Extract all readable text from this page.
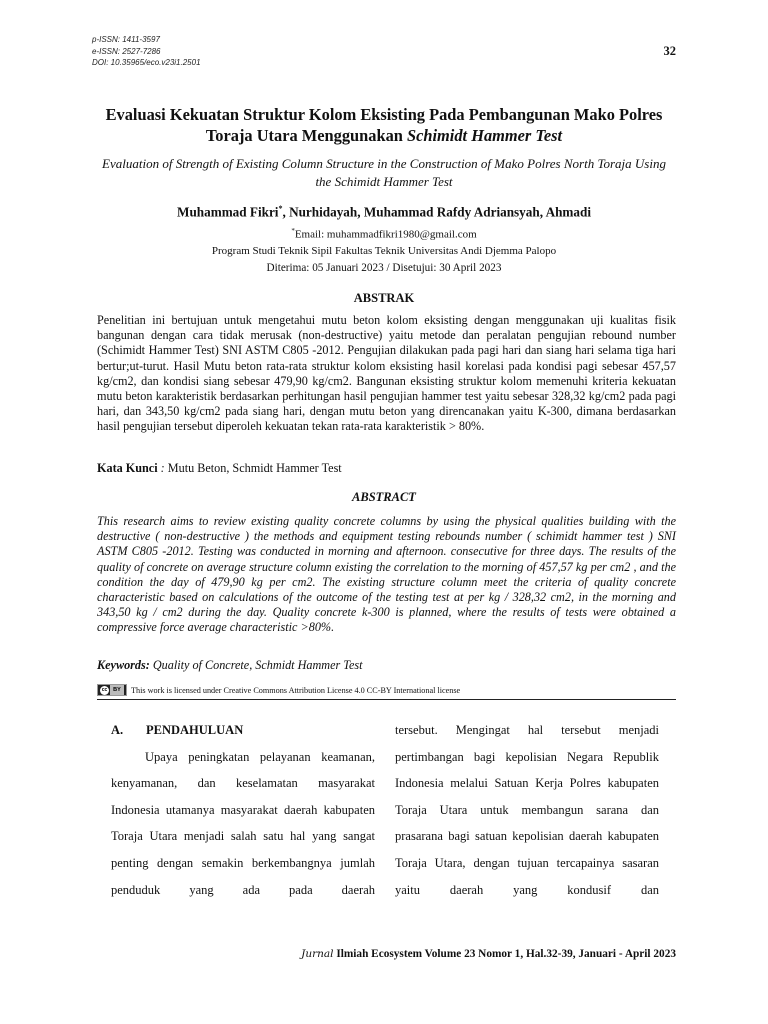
p-ISSN: 1411-3597
e-ISSN: 2527-7286
DOI: 10.35965/eco.v23i1.2501
32
Evaluasi Kekuatan Struktur Kolom Eksisting Pada Pembangunan Mako Polres Toraja Utara Menggunakan Schimidt Hammer Test
Evaluation of Strength of Existing Column Structure in the Construction of Mako Polres North Toraja Using the Schimidt Hammer Test
Muhammad Fikri*, Nurhidayah, Muhammad Rafdy Adriansyah, Ahmadi
*Email: muhammadfikri1980@gmail.com
Program Studi Teknik Sipil Fakultas Teknik Universitas Andi Djemma Palopo
Diterima: 05 Januari 2023 / Disetujui: 30 April 2023
ABSTRAK
Penelitian ini bertujuan untuk mengetahui mutu beton kolom eksisting dengan menggunakan uji kualitas fisik bangunan dengan cara tidak merusak (non-destructive) yaitu metode dan peralatan pengujian rebound number (Schimidt Hammer Test) SNI ASTM C805 -2012. Pengujian dilakukan pada pagi hari dan siang hari selama tiga hari bertur;ut-turut. Hasil Mutu beton rata-rata struktur kolom eksisting hasil korelasi pada kondisi pagi sebesar 457,57 kg/cm2, dan kondisi siang sebesar 479,90 kg/cm2. Bangunan eksisting struktur kolom memenuhi kriteria kekuatan mutu beton karakteristik berdasarkan perhitungan hasil pengujian hammer test yaitu sebesar 328,32 kg/cm2 pada pagi hari, dan 343,50 kg/cm2 pada siang hari, dengan mutu beton yang direncanakan yaitu K-300, dimana berdasarkan hasil pengujian tersebut diperoleh kekuatan tekan rata-rata karakteristik > 80%.
Kata Kunci : Mutu Beton, Schmidt Hammer Test
ABSTRACT
This research aims to review existing quality concrete columns by using the physical qualities building with the destructive ( non-destructive ) the methods and equipment testing rebounds number ( schimidt hammer test ) SNI ASTM C805 -2012. Testing was conducted in morning and afternoon. consecutive for three days. The results of the quality of concrete on average structure column existing the correlation to the morning of 457,57 kg per cm2 , and the condition the day of 479,90 kg per cm2. The existing structure column meet the criteria of quality concrete characteristic based on calculations of the outcome of the testing test at per kg / 328,32 cm2, in the morning and 343,50 kg / cm2 during the day. Quality concrete k-300 is planned, where the results of tests were obtained a compressive force average characteristic >80%.
Keywords: Quality of Concrete, Schmidt Hammer Test
cc	BY	This work is licensed under Creative Commons Attribution License 4.0 CC-BY International license

A. PENDAHULUAN

Upaya peningkatan pelayanan keamanan, kenyamanan, dan keselamatan masyarakat Indonesia utamanya masyarakat daerah kabupaten Toraja Utara menjadi salah satu hal yang sangat penting dengan semakin berkembangnya jumlah penduduk yang ada pada daerah

tersebut. Mengingat hal tersebut menjadi pertimbangan bagi kepolisian Negara Republik Indonesia melalui Satuan Kerja Polres kabupaten Toraja Utara untuk membangun sarana dan prasarana bagi satuan kepolisian daerah kabupaten Toraja Utara, dengan tujuan tercapainya sasaran yaitu daerah yang kondusif dan

Jurnal Ilmiah Ecosystem Volume 23 Nomor 1, Hal.32-39, Januari - April 2023
